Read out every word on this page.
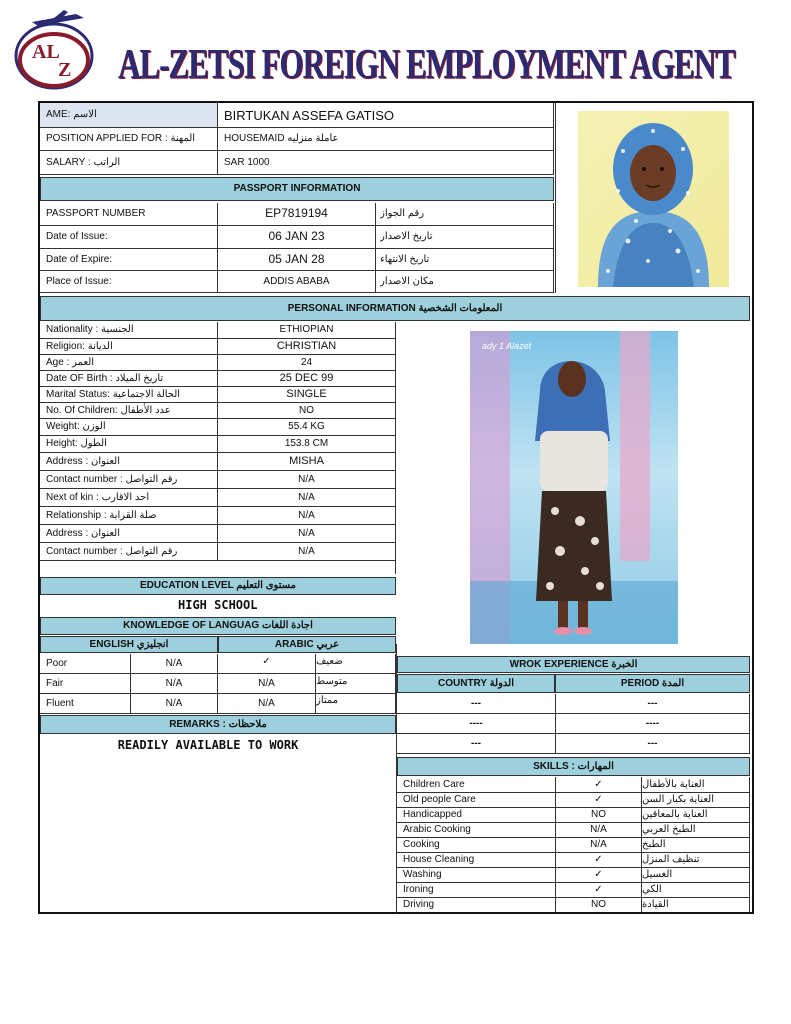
AL
Z AL-ZETSI FOREIGN EMPLOYMENT AGENT
AME: الاسم	BIRTUKAN ASSEFA GATISO
POSITION APPLIED FOR : المهنة	HOUSEMAID عاملة منزليه
SALARY : الراتب	SAR 1000
PASSPORT INFORMATION
PASSPORT NUMBER	EP7819194	رقم الجواز
Date of Issue:	06 JAN 23	تاريخ الاصدار
Date of Expire:	05 JAN 28	تاريخ الانتهاء
Place of Issue:	ADDIS ABABA	مكان الاصدار
PERSONAL INFORMATION المعلومات الشخصية
Nationality : الجنسية	ETHIOPIAN
Religion: الديانة	CHRISTIAN
Age : العمر	24
Date OF Birth : تاريخ الميلاد	25 DEC 99
Marital Status: الحالة الاجتماعية	SINGLE
No. Of Children: عدد الأطفال	NO
Weight: الوزن	55.4 KG
Height: الطول	153.8 CM
Address : العنوان	MISHA
Contact number : رقم التواصل	N/A
Next of kin : احد الاقارب	N/A
Relationship : صلة القرابة	N/A
Address : العنوان	N/A
Contact number : رقم التواصل	N/A
ady 1 Alazet
EDUCATION LEVEL مستوى التعليم
HIGH SCHOOL
KNOWLEDGE OF LANGUAG اجادة اللغات
ENGLISH انجليزي	ARABIC عربي
Poor	N/A	✓	ضعيف
Fair	N/A	N/A	متوسط
Fluent	N/A	N/A	ممتاز
REMARKS : ملاحظات
READILY AVAILABLE TO WORK
WROK EXPERIENCE الخبرة
COUNTRY الدولة	PERIOD المدة
---	---
----	----
---	---
SKILLS : المهارات
Children Care	✓	العناية بالأطفال
Old people Care	✓	العناية بكبار السن
Handicapped	NO	العناية بالمعاقين
Arabic Cooking	N/A	الطبخ العربي
Cooking	N/A	الطبخ
House Cleaning	✓	تنظيف المنزل
Washing	✓	الغسيل
Ironing	✓	الكي
Driving	NO	القيادة
